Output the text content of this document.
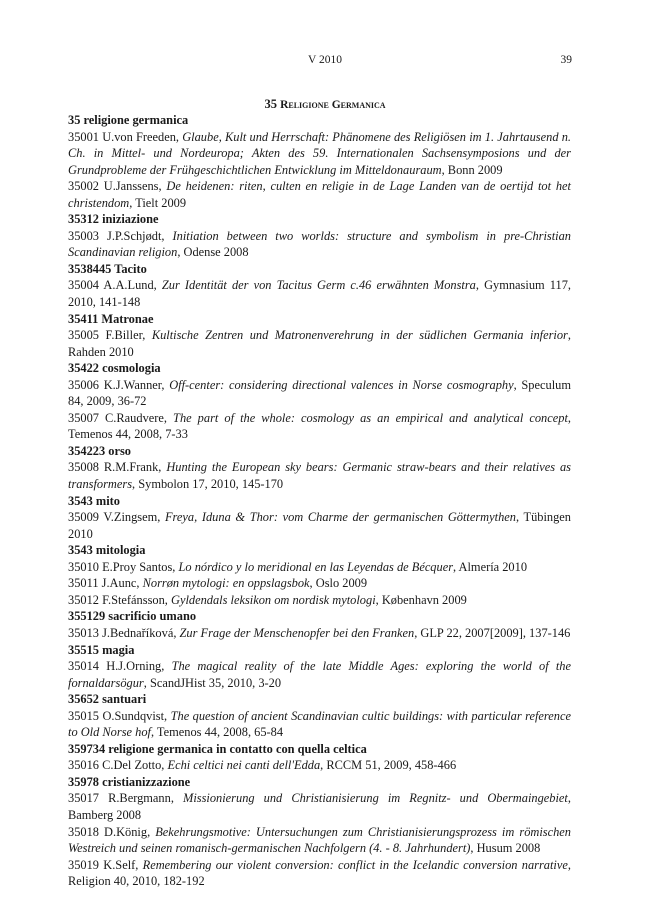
V 2010	39
35 Religione Germanica
35 religione germanica
35001 U.von Freeden, Glaube, Kult und Herrschaft: Phänomene des Religiösen im 1. Jahrtausend n. Ch. in Mittel- und Nordeuropa; Akten des 59. Internationalen Sachsensymposions und der Grundprobleme der Frühgeschichtlichen Entwicklung im Mitteldonauraum, Bonn 2009
35002 U.Janssens, De heidenen: riten, culten en religie in de Lage Landen van de oertijd tot het christendom, Tielt 2009
35312 iniziazione
35003 J.P.Schjødt, Initiation between two worlds: structure and symbolism in pre-Christian Scandinavian religion, Odense 2008
3538445 Tacito
35004 A.A.Lund, Zur Identität der von Tacitus Germ c.46 erwähnten Monstra, Gymnasium 117, 2010, 141-148
35411 Matronae
35005 F.Biller, Kultische Zentren und Matronenverehrung in der südlichen Germania inferior, Rahden 2010
35422 cosmologia
35006 K.J.Wanner, Off-center: considering directional valences in Norse cosmography, Speculum 84, 2009, 36-72
35007 C.Raudvere, The part of the whole: cosmology as an empirical and analytical concept, Temenos 44, 2008, 7-33
354223 orso
35008 R.M.Frank, Hunting the European sky bears: Germanic straw-bears and their relatives as transformers, Symbolon 17, 2010, 145-170
3543 mito
35009 V.Zingsem, Freya, Iduna & Thor: vom Charme der germanischen Göttermythen, Tübingen 2010
3543 mitologia
35010 E.Proy Santos, Lo nórdico y lo meridional en las Leyendas de Bécquer, Almería 2010
35011 J.Aunc, Norrøn mytologi: en oppslagsbok, Oslo 2009
35012 F.Stefánsson, Gyldendals leksikon om nordisk mytologi, København 2009
355129 sacrificio umano
35013 J.Bednaříková, Zur Frage der Menschenopfer bei den Franken, GLP 22, 2007[2009], 137-146
35515 magia
35014 H.J.Orning, The magical reality of the late Middle Ages: exploring the world of the fornaldarsögur, ScandJHist 35, 2010, 3-20
35652 santuari
35015 O.Sundqvist, The question of ancient Scandinavian cultic buildings: with particular reference to Old Norse hof, Temenos 44, 2008, 65-84
359734 religione germanica in contatto con quella celtica
35016 C.Del Zotto, Echi celtici nei canti dell'Edda, RCCM 51, 2009, 458-466
35978 cristianizzazione
35017 R.Bergmann, Missionierung und Christianisierung im Regnitz- und Obermaingebiet, Bamberg 2008
35018 D.König, Bekehrungsmotive: Untersuchungen zum Christianisierungsprozess im römischen Westreich und seinen romanisch-germanischen Nachfolgern (4. - 8. Jahrhundert), Husum 2008
35019 K.Self, Remembering our violent conversion: conflict in the Icelandic conversion narrative, Religion 40, 2010, 182-192
